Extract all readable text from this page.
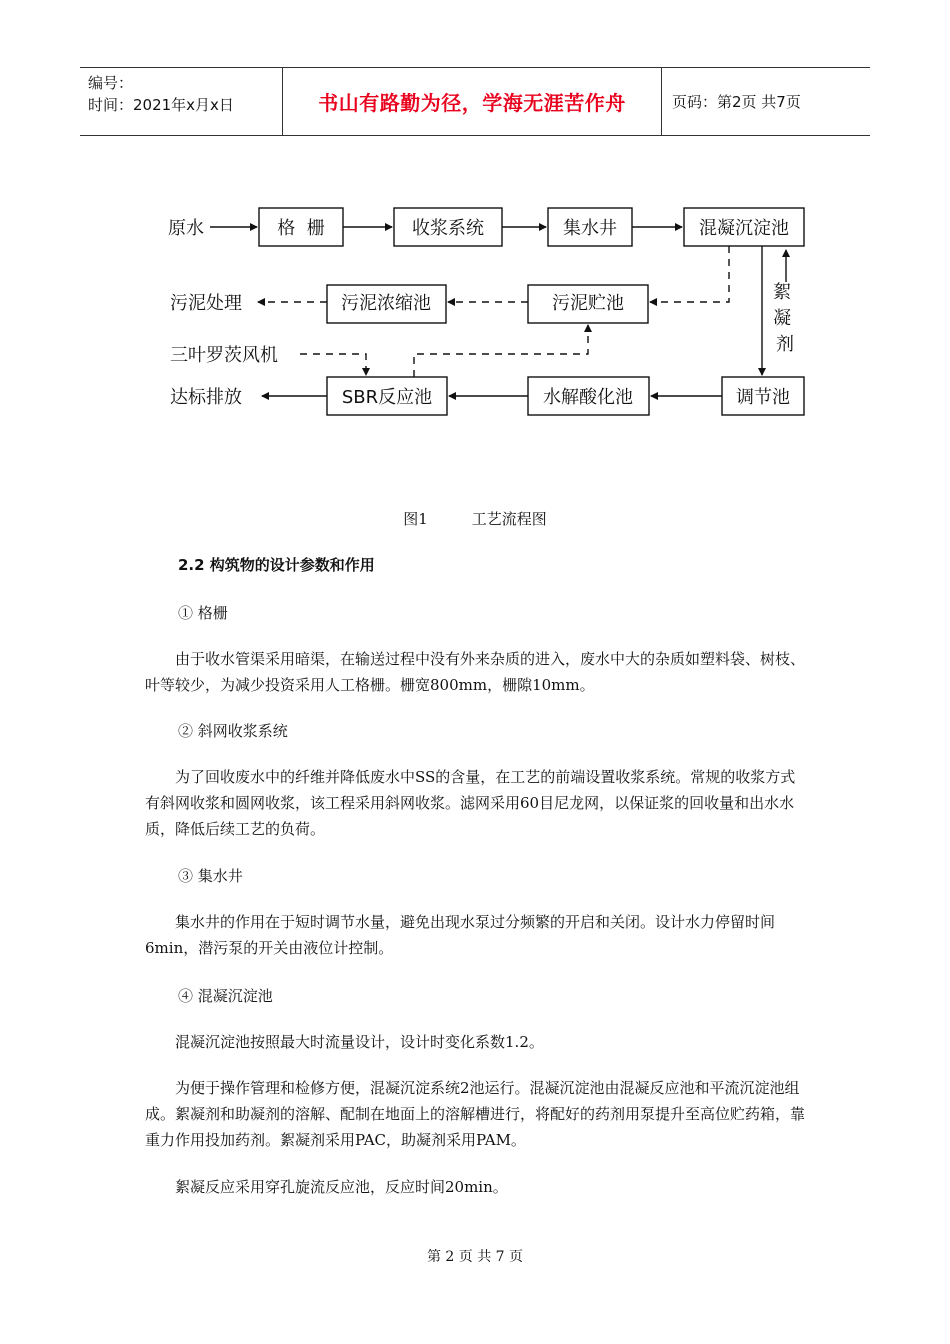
编号：
时间：2021年x月x日	书山有路勤为径，学海无涯苦作舟	页码：第2页 共7页
原水	格  栅	收浆系统	集水井	混凝沉淀池
污泥处理	污泥浓缩池	污泥贮池
絮 凝 剂
三叶罗茨风机
达标排放	SBR反应池	水解酸化池	调节池
图1	工艺流程图
2.2 构筑物的设计参数和作用
① 格栅

由于收水管渠采用暗渠，在输送过程中没有外来杂质的进入，废水中大的杂质如塑料袋、树枝、叶等较少，为减少投资采用人工格栅。栅宽800mm，栅隙10mm。

② 斜网收浆系统

为了回收废水中的纤维并降低废水中SS的含量，在工艺的前端设置收浆系统。常规的收浆方式有斜网收浆和圆网收浆，该工程采用斜网收浆。滤网采用60目尼龙网，以保证浆的回收量和出水水质，降低后续工艺的负荷。

③ 集水井

集水井的作用在于短时调节水量，避免出现水泵过分频繁的开启和关闭。设计水力停留时间6min，潜污泵的开关由液位计控制。

④ 混凝沉淀池

混凝沉淀池按照最大时流量设计，设计时变化系数1.2。

为便于操作管理和检修方便，混凝沉淀系统2池运行。混凝沉淀池由混凝反应池和平流沉淀池组成。絮凝剂和助凝剂的溶解、配制在地面上的溶解槽进行，将配好的药剂用泵提升至高位贮药箱，靠重力作用投加药剂。絮凝剂采用PAC，助凝剂采用PAM。

絮凝反应采用穿孔旋流反应池，反应时间20min。

第 2 页 共 7 页
